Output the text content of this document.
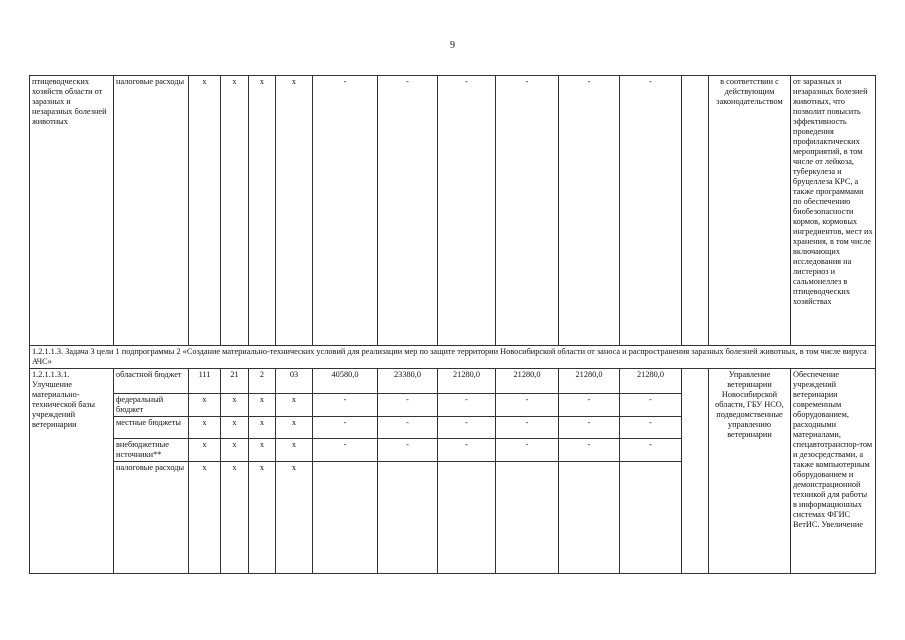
9
птицеводческих хозяйств области от заразных и незаразных болезней животных	налоговые расходы	х	х	х	х	-	-	-	-	-	-		в соответствии с действующим законодательством	от заразных и незаразных болезней животных, что позволит повысить эффективность проведения профилактических мероприятий, в том числе от лейкоза, туберкулеза и бруцеллеза КРС, а также программами по обеспечению биобезопасности кормов, кормовых ингредиентов, мест их хранения, в том числе включающих исследования на листериоз и сальмонеллез в птицеводческих хозяйствах
1.2.1.1.3. Задача 3 цели 1 подпрограммы 2 «Создание материально-технических условий для реализации мер по защите территории Новосибирской области от заноса и распространения заразных болезней животных, в том числе вируса АЧС»														
1.2.1.1.3.1. Улучшение материально-технической базы учреждений ветеринарии	областной бюджет	111	21	2	03	40580,0	23380,0	21280,0	21280,0	21280,0	21280,0		Управление ветеринарии Новосибирской области, ГБУ НСО, подведомственные управлению ветеринарии	Обеспечение учреждений ветеринарии современным оборудованием, расходными материалами, спецавтотранспор-том и дезосредствами, а также компьютерным оборудованием и демонстрационной техникой для работы в информационных системах ФГИС ВетИС. Увеличение
	федеральный бюджет	х	х	х	х	-	-	-	-	-	-			
	местные бюджеты	х	х	х	х	-	-	-	-	-	-			
	внебюджетные источники**	х	х	х	х	-	-	-	-	-	-			
	налоговые расходы	х	х	х	х									
